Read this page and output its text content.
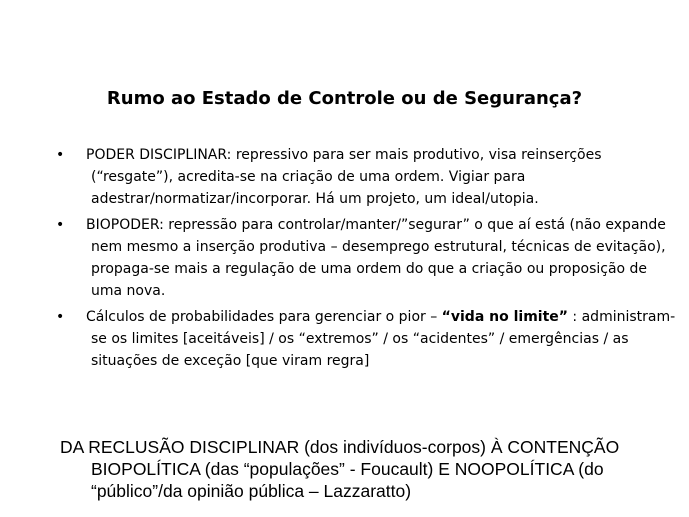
Rumo ao Estado de Controle ou de Segurança?
• PODER DISCIPLINAR: repressivo para ser mais produtivo, visa reinserções (“resgate”), acredita-se na criação de uma ordem. Vigiar para adestrar/normatizar/incorporar. Há um projeto, um ideal/utopia.
• BIOPODER: repressão para controlar/manter/”segurar” o que aí está (não expande nem mesmo a inserção produtiva – desemprego estrutural, técnicas de evitação), propaga-se mais a regulação de uma ordem do que a criação ou proposição de uma nova.
• Cálculos de probabilidades para gerenciar o pior – “vida no limite” : administram-se os limites [aceitáveis] / os “extremos” / os “acidentes” / emergências / as situações de exceção [que viram regra]

DA RECLUSÃO DISCIPLINAR (dos indivíduos-corpos) À CONTENÇÃO BIOPOLÍTICA (das “populações” - Foucault) E NOOPOLÍTICA (do “público”/da opinião pública – Lazzaratto)
